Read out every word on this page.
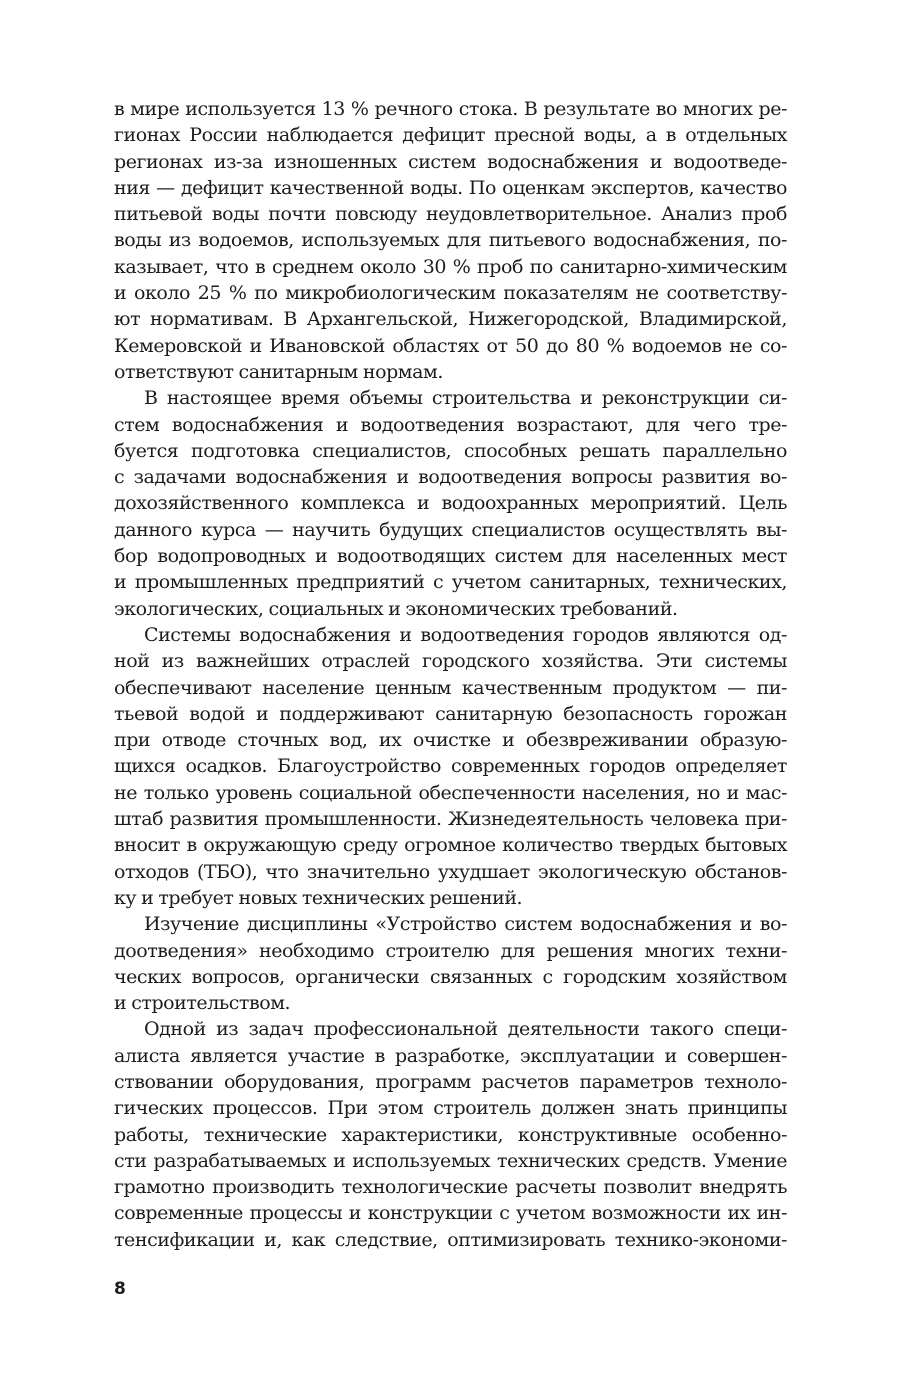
в мире используется 13 % речного стока. В результате во многих ре-
гионах России наблюдается дефицит пресной воды, а в отдельных
регионах из-за изношенных систем водоснабжения и водоотведе-
ния — дефицит качественной воды. По оценкам экспертов, качество
питьевой воды почти повсюду неудовлетворительное. Анализ проб
воды из водоемов, используемых для питьевого водоснабжения, по-
казывает, что в среднем около 30 % проб по санитарно-химическим
и около 25 % по микробиологическим показателям не соответству-
ют нормативам. В Архангельской, Нижегородской, Владимирской,
Кемеровской и Ивановской областях от 50 до 80 % водоемов не со-
ответствуют санитарным нормам.

В настоящее время объемы строительства и реконструкции си-
стем водоснабжения и водоотведения возрастают, для чего тре-
буется подготовка специалистов, способных решать параллельно
с задачами водоснабжения и водоотведения вопросы развития во-
дохозяйственного комплекса и водоохранных мероприятий. Цель
данного курса — научить будущих специалистов осуществлять вы-
бор водопроводных и водоотводящих систем для населенных мест
и промышленных предприятий с учетом санитарных, технических,
экологических, социальных и экономических требований.

Системы водоснабжения и водоотведения городов являются од-
ной из важнейших отраслей городского хозяйства. Эти системы
обеспечивают население ценным качественным продуктом — пи-
тьевой водой и поддерживают санитарную безопасность горожан
при отводе сточных вод, их очистке и обезвреживании образую-
щихся осадков. Благоустройство современных городов определяет
не только уровень социальной обеспеченности населения, но и мас-
штаб развития промышленности. Жизнедеятельность человека при-
вносит в окружающую среду огромное количество твердых бытовых
отходов (ТБО), что значительно ухудшает экологическую обстанов-
ку и требует новых технических решений.

Изучение дисциплины «Устройство систем водоснабжения и во-
доотведения» необходимо строителю для решения многих техни-
ческих вопросов, органически связанных с городским хозяйством
и строительством.

Одной из задач профессиональной деятельности такого специ-
алиста является участие в разработке, эксплуатации и совершен-
ствовании оборудования, программ расчетов параметров техноло-
гических процессов. При этом строитель должен знать принципы
работы, технические характеристики, конструктивные особенно-
сти разрабатываемых и используемых технических средств. Умение
грамотно производить технологические расчеты позволит внедрять
современные процессы и конструкции с учетом возможности их ин-
тенсификации и, как следствие, оптимизировать технико-экономи-

8
